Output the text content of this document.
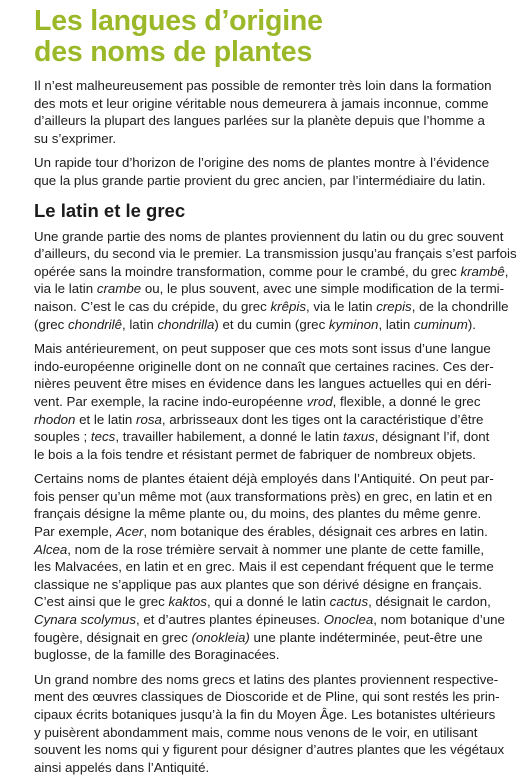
Les langues d’origine
des noms de plantes
Il n’est malheureusement pas possible de remonter très loin dans la formation
des mots et leur origine véritable nous demeurera à jamais inconnue, comme
d’ailleurs la plupart des langues parlées sur la planète depuis que l’homme a
su s’exprimer.
Un rapide tour d’horizon de l’origine des noms de plantes montre à l’évidence
que la plus grande partie provient du grec ancien, par l’intermédiaire du latin.
Le latin et le grec
Une grande partie des noms de plantes proviennent du latin ou du grec souvent
d’ailleurs, du second via le premier. La transmission jusqu’au français s’est parfois
opérée sans la moindre transformation, comme pour le crambé, du grec krambê,
via le latin crambe ou, le plus souvent, avec une simple modification de la termi-
naison. C’est le cas du crépide, du grec krêpis, via le latin crepis, de la chondrille
(grec chondrilê, latin chondrilla) et du cumin (grec kyminon, latin cuminum).
Mais antérieurement, on peut supposer que ces mots sont issus d’une langue
indo-européenne originelle dont on ne connaît que certaines racines. Ces der-
nières peuvent être mises en évidence dans les langues actuelles qui en déri-
vent. Par exemple, la racine indo-européenne vrod, flexible, a donné le grec
rhodon et le latin rosa, arbrisseaux dont les tiges ont la caractéristique d’être
souples ; tecs, travailler habilement, a donné le latin taxus, désignant l’if, dont
le bois a la fois tendre et résistant permet de fabriquer de nombreux objets.
Certains noms de plantes étaient déjà employés dans l’Antiquité. On peut par-
fois penser qu’un même mot (aux transformations près) en grec, en latin et en
français désigne la même plante ou, du moins, des plantes du même genre.
Par exemple, Acer, nom botanique des érables, désignait ces arbres en latin.
Alcea, nom de la rose trémière servait à nommer une plante de cette famille,
les Malvacées, en latin et en grec. Mais il est cependant fréquent que le terme
classique ne s’applique pas aux plantes que son dérivé désigne en français.
C’est ainsi que le grec kaktos, qui a donné le latin cactus, désignait le cardon,
Cynara scolymus, et d’autres plantes épineuses. Onoclea, nom botanique d’une
fougère, désignait en grec (onokleia) une plante indéterminée, peut-être une
buglosse, de la famille des Boraginacées.
Un grand nombre des noms grecs et latins des plantes proviennent respective-
ment des œuvres classiques de Dioscoride et de Pline, qui sont restés les prin-
cipaux écrits botaniques jusqu’à la fin du Moyen Âge. Les botanistes ultérieurs
y puisèrent abondamment mais, comme nous venons de le voir, en utilisant
souvent les noms qui y figurent pour désigner d’autres plantes que les végétaux
ainsi appelés dans l’Antiquité.
